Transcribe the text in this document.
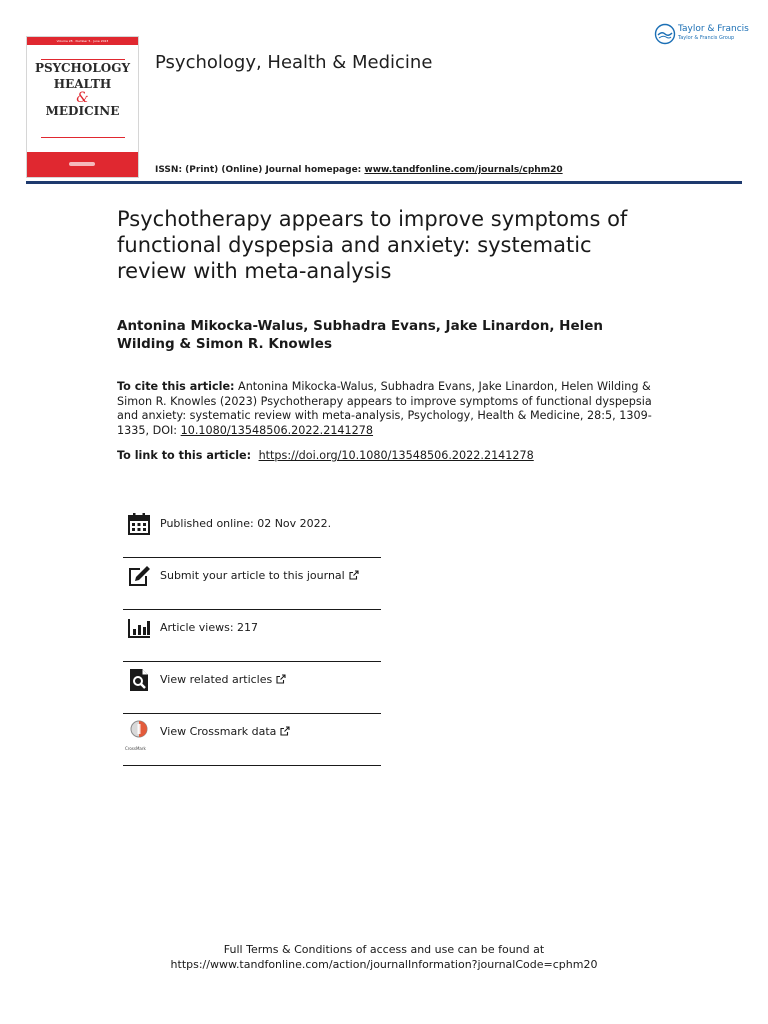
Volume 28 · Number 5 · June 2023
PSYCHOLOGY
HEALTH
&
MEDICINE
Psychology, Health & Medicine
ISSN: (Print) (Online) Journal homepage: www.tandfonline.com/journals/cphm20
Taylor & Francis
Taylor & Francis Group
Psychotherapy appears to improve symptoms of functional dyspepsia and anxiety: systematic review with meta-analysis
Antonina Mikocka-Walus, Subhadra Evans, Jake Linardon, Helen Wilding & Simon R. Knowles
To cite this article: Antonina Mikocka-Walus, Subhadra Evans, Jake Linardon, Helen Wilding & Simon R. Knowles (2023) Psychotherapy appears to improve symptoms of functional dyspepsia and anxiety: systematic review with meta-analysis, Psychology, Health & Medicine, 28:5, 1309-1335, DOI: 10.1080/13548506.2022.2141278
To link to this article:  https://doi.org/10.1080/13548506.2022.2141278
Published online: 02 Nov 2022.
Submit your article to this journal
Article views: 217
View related articles
CrossMark
View Crossmark data
Full Terms & Conditions of access and use can be found at
https://www.tandfonline.com/action/journalInformation?journalCode=cphm20
